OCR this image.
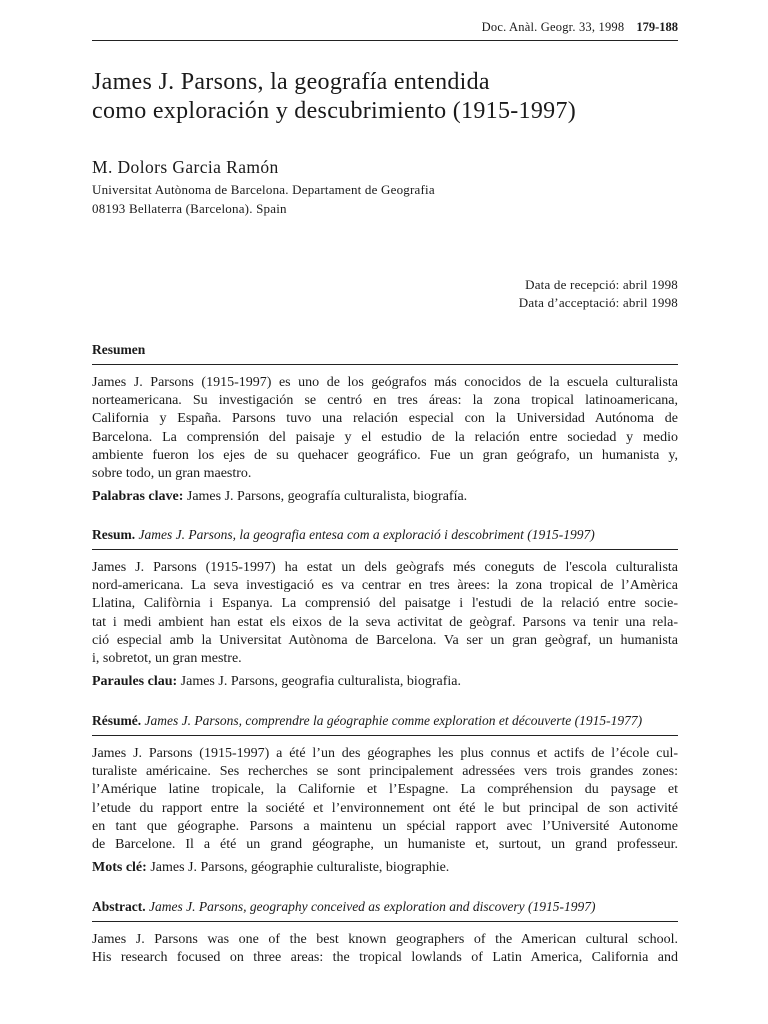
Doc. Anàl. Geogr. 33, 1998 179-188
James J. Parsons, la geografía entendida
como exploración y descubrimiento (1915-1997)
M. Dolors Garcia Ramón
Universitat Autònoma de Barcelona. Departament de Geografia
08193 Bellaterra (Barcelona). Spain
Data de recepció: abril 1998
Data d’acceptació: abril 1998
Resumen
James J. Parsons (1915-1997) es uno de los geógrafos más conocidos de la escuela culturalista
norteamericana. Su investigación se centró en tres áreas: la zona tropical latinoamericana,
California y España. Parsons tuvo una relación especial con la Universidad Autónoma de
Barcelona. La comprensión del paisaje y el estudio de la relación entre sociedad y medio
ambiente fueron los ejes de su quehacer geográfico. Fue un gran geógrafo, un humanista y,
sobre todo, un gran maestro.
Palabras clave: James J. Parsons, geografía culturalista, biografía.
Resum. James J. Parsons, la geografia entesa com a exploració i descobriment (1915-1997)
James J. Parsons (1915-1997) ha estat un dels geògrafs més coneguts de l'escola culturalista
nord-americana. La seva investigació es va centrar en tres àrees: la zona tropical de l’Amèrica
Llatina, Califòrnia i Espanya. La comprensió del paisatge i l'estudi de la relació entre socie-
tat i medi ambient han estat els eixos de la seva activitat de geògraf. Parsons va tenir una rela-
ció especial amb la Universitat Autònoma de Barcelona. Va ser un gran geògraf, un humanista
i, sobretot, un gran mestre.
Paraules clau: James J. Parsons, geografia culturalista, biografia.
Résumé. James J. Parsons, comprendre la géographie comme exploration et découverte (1915-1977)
James J. Parsons (1915-1997) a été l’un des géographes les plus connus et actifs de l’école cul-
turaliste américaine. Ses recherches se sont principalement adressées vers trois grandes zones:
l’Amérique latine tropicale, la Californie et l’Espagne. La compréhension du paysage et
l’etude du rapport entre la société et l’environnement ont été le but principal de son activité
en tant que géographe. Parsons a maintenu un spécial rapport avec l’Université Autonome
de Barcelone. Il a été un grand géographe, un humaniste et, surtout, un grand professeur.
Mots clé: James J. Parsons, géographie culturaliste, biographie.
Abstract. James J. Parsons, geography conceived as exploration and discovery (1915-1997)
James J. Parsons was one of the best known geographers of the American cultural school.
His research focused on three areas: the tropical lowlands of Latin America, California and
